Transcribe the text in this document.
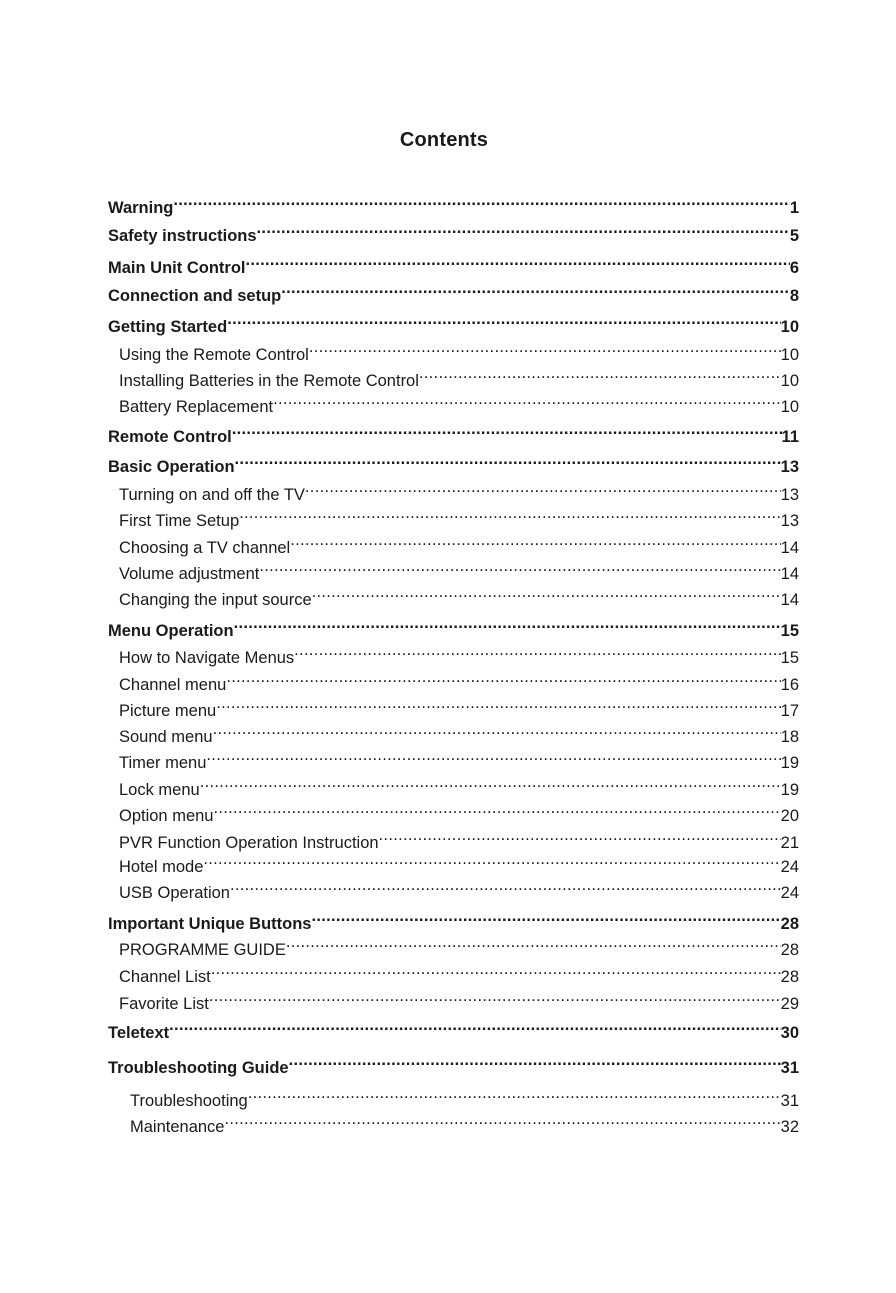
Contents
Warning .....	1
Safety instructions .....	5
Main Unit Control .....	6
Connection and setup .....	8
Getting Started .....	10
Using the Remote Control .....	10
Installing Batteries in the Remote Control .....	10
Battery Replacement .....	10
Remote Control .....	11
Basic Operation .....	13
Turning on and off the TV .....	13
First Time Setup .....	13
Choosing a TV channel .....	14
Volume adjustment .....	14
Changing the input source .....	14
Menu Operation .....	15
How to Navigate Menus .....	15
Channel menu .....	16
Picture menu .....	17
Sound menu .....	18
Timer menu .....	19
Lock menu .....	19
Option menu .....	20
PVR Function Operation Instruction .....	21
Hotel mode .....	24
USB Operation .....	24
Important Unique Buttons .....	28
PROGRAMME GUIDE .....	28
Channel List .....	28
Favorite List .....	29
Teletext .....	30
Troubleshooting Guide .....	31
Troubleshooting .....	31
Maintenance .....	32
